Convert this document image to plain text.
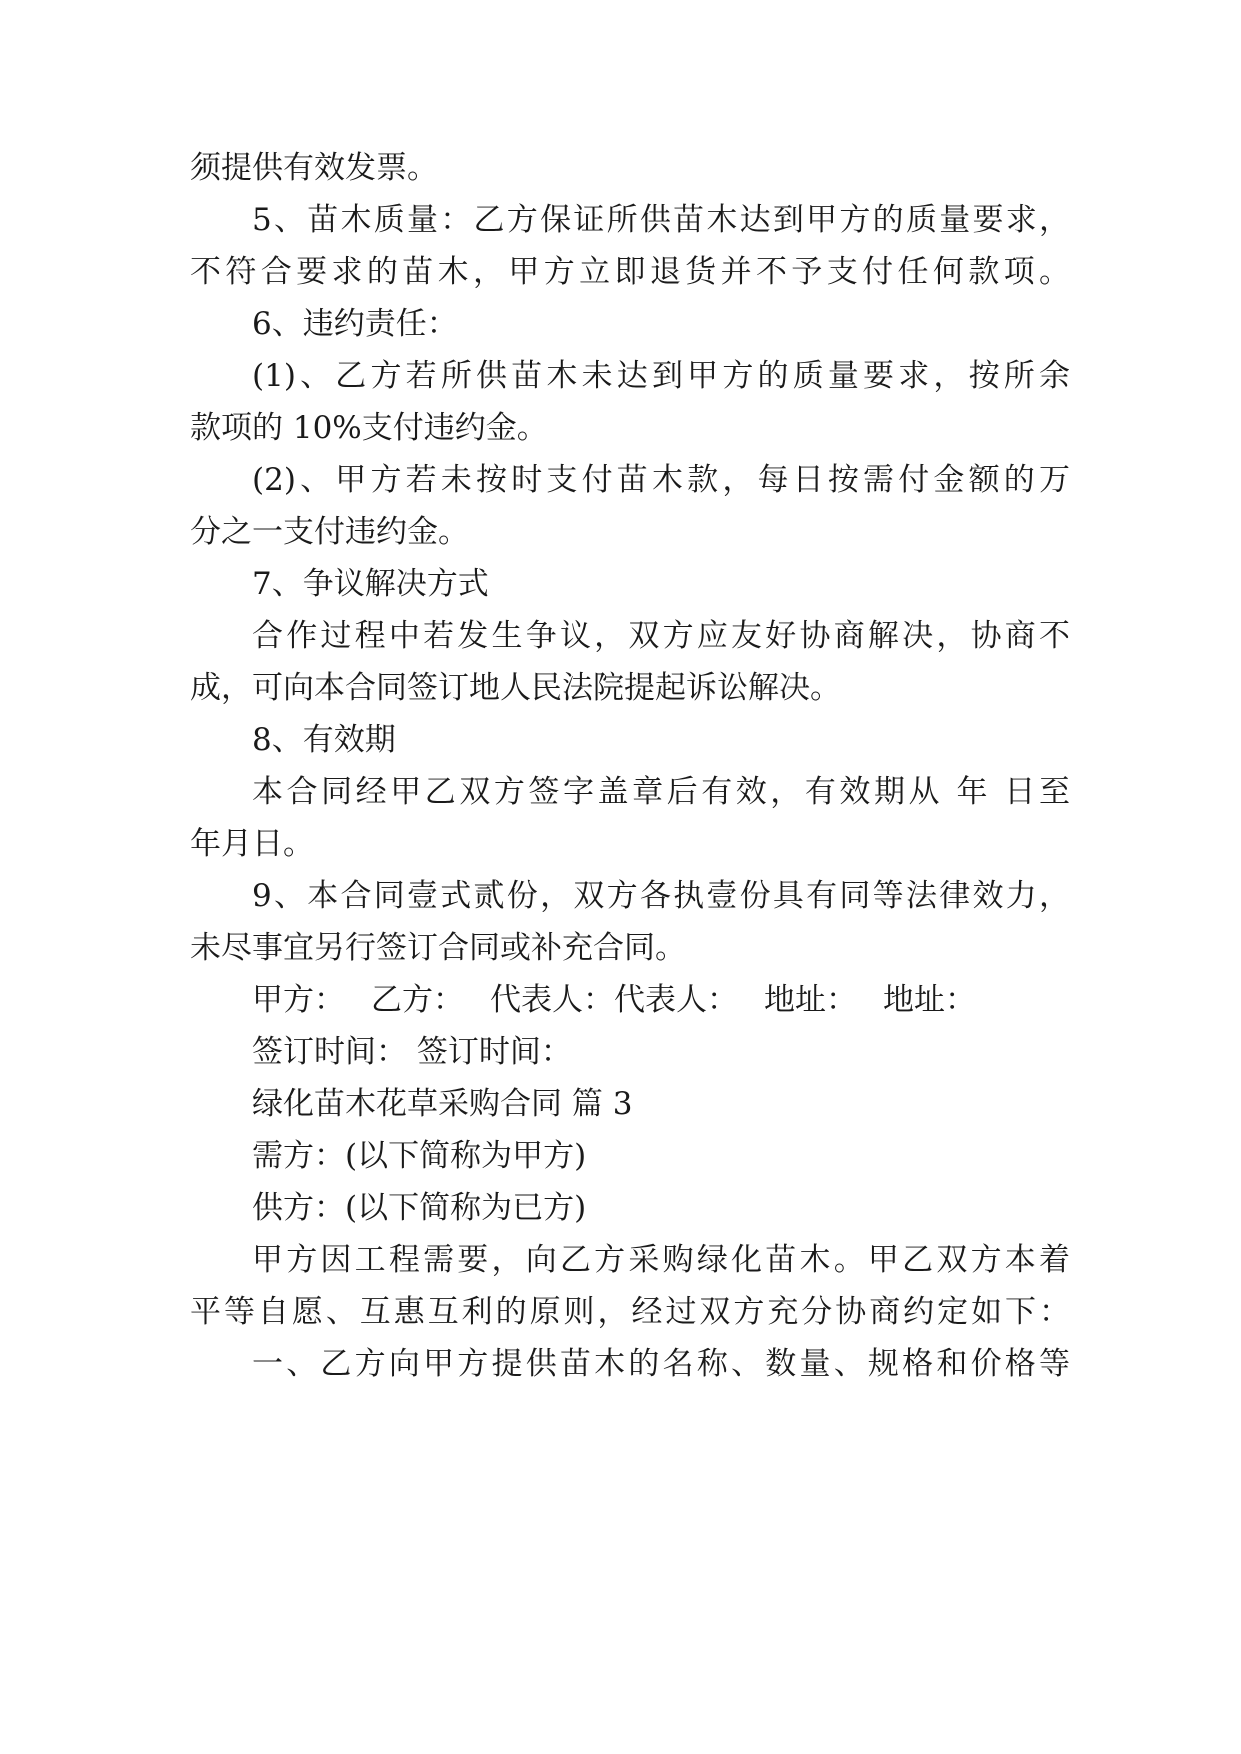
须提供有效发票。
5、苗木质量：乙方保证所供苗木达到甲方的质量要求，
不符合要求的苗木，甲方立即退货并不予支付任何款项。
6、违约责任：
(1)、乙方若所供苗木未达到甲方的质量要求，按所余
款项的 10%支付违约金。
(2)、甲方若未按时支付苗木款，每日按需付金额的万
分之一支付违约金。
7、争议解决方式
合作过程中若发生争议，双方应友好协商解决，协商不
成，可向本合同签订地人民法院提起诉讼解决。
8、有效期
本合同经甲乙双方签字盖章后有效，有效期从 年 日至
年月日。
9、本合同壹式贰份，双方各执壹份具有同等法律效力，
未尽事宜另行签订合同或补充合同。
甲方： 乙方： 代表人：代表人： 地址： 地址：
签订时间： 签订时间：
绿化苗木花草采购合同 篇 3
需方：(以下简称为甲方)
供方：(以下简称为已方)
甲方因工程需要，向乙方采购绿化苗木。甲乙双方本着
平等自愿、互惠互利的原则，经过双方充分协商约定如下：
一、乙方向甲方提供苗木的名称、数量、规格和价格等
